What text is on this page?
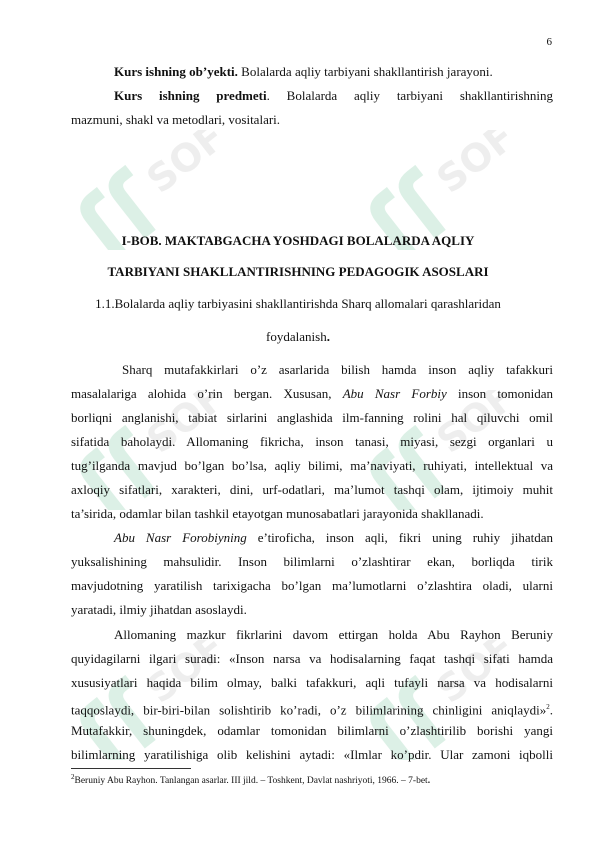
SOFT	SOFT
SOFT	SOFT
SOFT	SOFT
6
Kurs ishning ob’yekti. Bolalarda aqliy tarbiyani shakllantirish jarayoni.
Kurs ishning predmeti. Bolalarda aqliy tarbiyani shakllantirishning
mazmuni, shakl va metodlari, vositalari.
I-BOB. MAKTABGACHA YOSHDAGI BOLALARDA AQLIY
TARBIYANI SHAKLLANTIRISHNING PEDAGOGIK ASOSLARI
1.1.Bolalarda aqliy tarbiyasini shakllantirishda Sharq allomalari qarashlaridan
foydalanish.
Sharq mutafakkirlari o’z asarlarida bilish hamda inson aqliy tafakkuri
masalalariga alohida o’rin bergan. Xususan, Abu Nasr Forbiy inson tomonidan
borliqni anglanishi, tabiat sirlarini anglashida ilm-fanning rolini hal qiluvchi omil
sifatida baholaydi. Allomaning fikricha, inson tanasi, miyasi, sezgi organlari u
tug’ilganda mavjud bo’lgan bo’lsa, aqliy bilimi, ma’naviyati, ruhiyati, intellektual va
axloqiy sifatlari, xarakteri, dini, urf-odatlari, ma’lumot tashqi olam, ijtimoiy muhit
ta’sirida, odamlar bilan tashkil etayotgan munosabatlari jarayonida shakllanadi.
Abu Nasr Forobiyning e’tiroficha, inson aqli, fikri uning ruhiy jihatdan
yuksalishining mahsulidir. Inson bilimlarni o’zlashtirar ekan, borliqda tirik
mavjudotning yaratilish tarixigacha bo’lgan ma’lumotlarni o’zlashtira oladi, ularni
yaratadi, ilmiy jihatdan asoslaydi.
Allomaning mazkur fikrlarini davom ettirgan holda Abu Rayhon Beruniy
quyidagilarni ilgari suradi: «Inson narsa va hodisalarning faqat tashqi sifati hamda
xususiyatlari haqida bilim olmay, balki tafakkuri, aqli tufayli narsa va hodisalarni
taqqoslaydi, bir-biri-bilan solishtirib ko’radi, o’z bilimlarining chinligini aniqlaydi»$^2$.
Mutafakkir, shuningdek, odamlar tomonidan bilimlarni o’zlashtirilib borishi yangi
bilimlarning yaratilishiga olib kelishini aytadi: «Ilmlar ko’pdir. Ular zamoni iqbolli
$^2$Beruniy Abu Rayhon. Tanlangan asarlar. III jild. – Toshkent, Davlat nashriyoti, 1966. – 7-bet.
